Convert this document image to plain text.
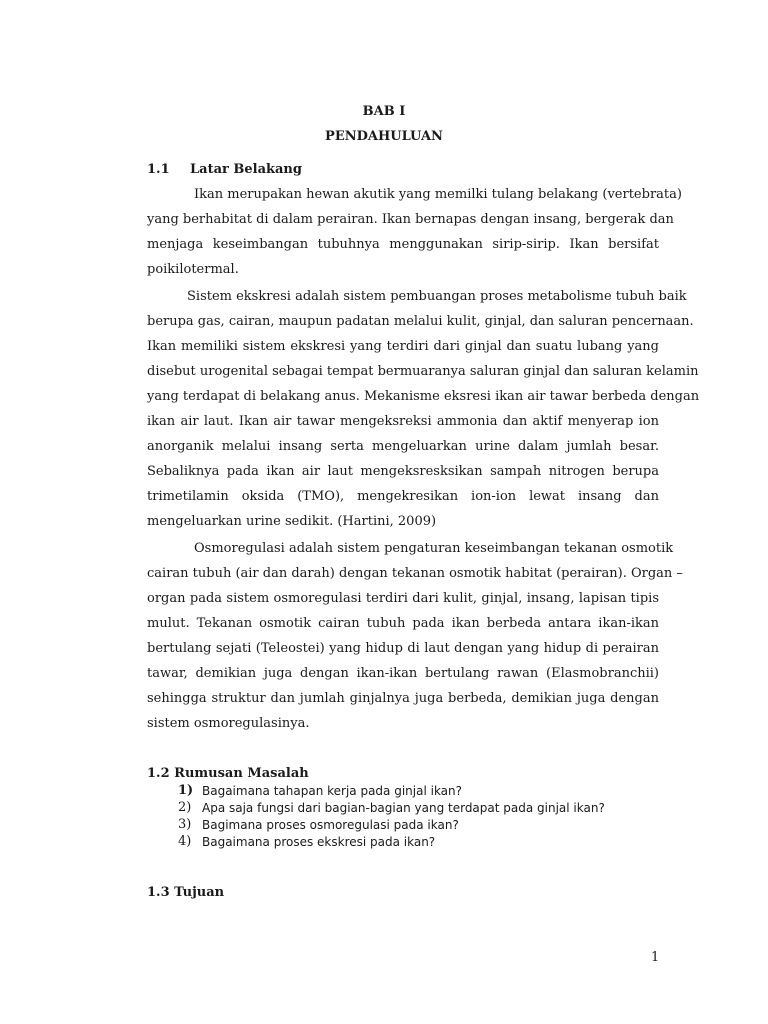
BAB I
PENDAHULUAN
1.1 Latar Belakang
Ikan merupakan hewan akutik yang memilki tulang belakang (vertebrata)
yang berhabitat di dalam perairan. Ikan bernapas dengan insang, bergerak dan
menjaga keseimbangan tubuhnya menggunakan sirip-sirip. Ikan bersifat
poikilotermal.
Sistem ekskresi adalah sistem pembuangan proses metabolisme tubuh baik
berupa gas, cairan, maupun padatan melalui kulit, ginjal, dan saluran pencernaan.
Ikan memiliki sistem ekskresi yang terdiri dari ginjal dan suatu lubang yang
disebut urogenital sebagai tempat bermuaranya saluran ginjal dan saluran kelamin
yang terdapat di belakang anus. Mekanisme eksresi ikan air tawar berbeda dengan
ikan air laut. Ikan air tawar mengeksreksi ammonia dan aktif menyerap ion
anorganik melalui insang serta mengeluarkan urine dalam jumlah besar.
Sebaliknya pada ikan air laut mengeksresksikan sampah nitrogen berupa
trimetilamin oksida (TMO), mengekresikan ion-ion lewat insang dan
mengeluarkan urine sedikit. (Hartini, 2009)
Osmoregulasi adalah sistem pengaturan keseimbangan tekanan osmotik
cairan tubuh (air dan darah) dengan tekanan osmotik habitat (perairan). Organ –
organ pada sistem osmoregulasi terdiri dari kulit, ginjal, insang, lapisan tipis
mulut. Tekanan osmotik cairan tubuh pada ikan berbeda antara ikan-ikan
bertulang sejati (Teleostei) yang hidup di laut dengan yang hidup di perairan
tawar, demikian juga dengan ikan-ikan bertulang rawan (Elasmobranchii)
sehingga struktur dan jumlah ginjalnya juga berbeda, demikian juga dengan
sistem osmoregulasinya.
1.2 Rumusan Masalah
1) Bagaimana tahapan kerja pada ginjal ikan?
2) Apa saja fungsi dari bagian-bagian yang terdapat pada ginjal ikan?
3) Bagimana proses osmoregulasi pada ikan?
4) Bagaimana proses ekskresi pada ikan?
1.3 Tujuan
1
